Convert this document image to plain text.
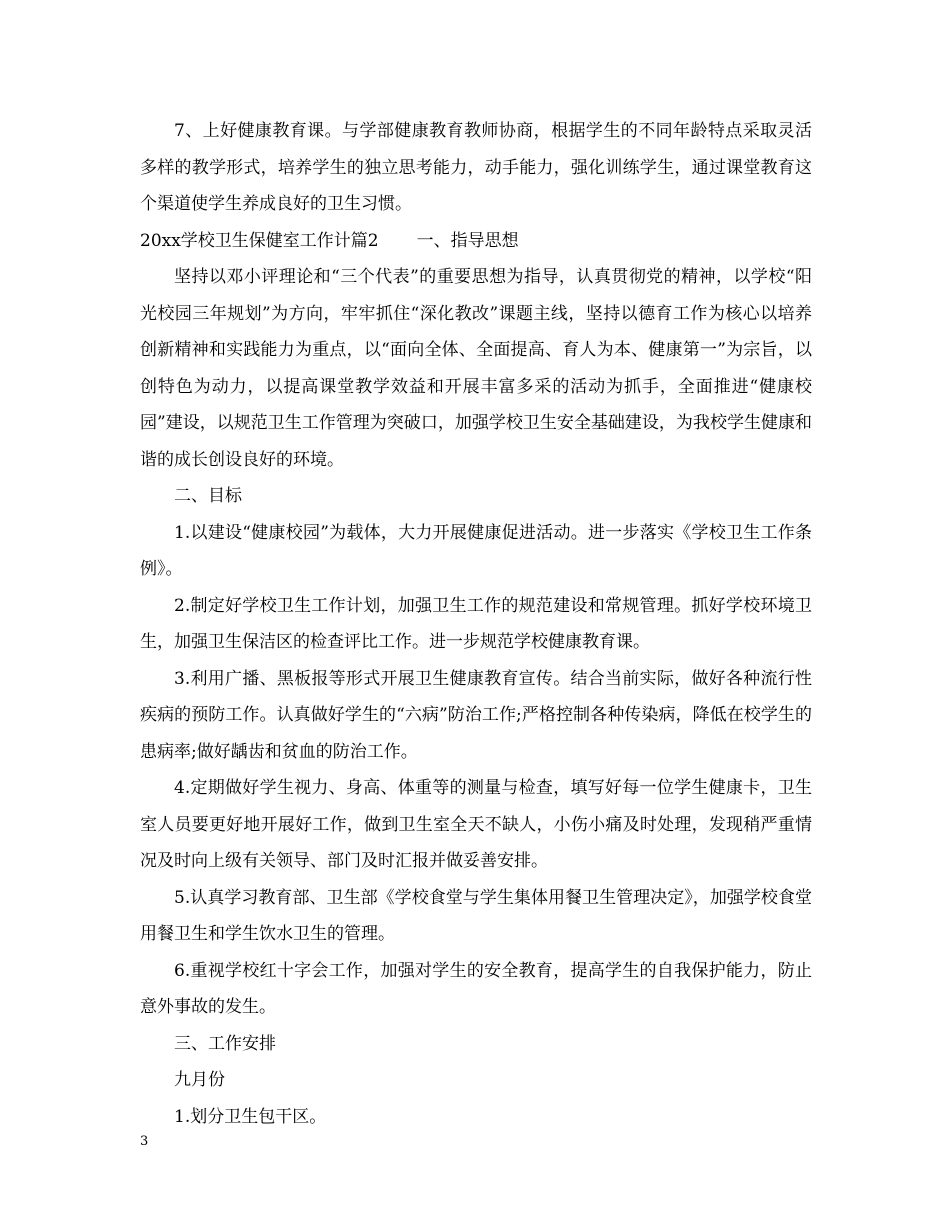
7、上好健康教育课。与学部健康教育教师协商，根据学生的不同年龄特点采取灵活多样的教学形式，培养学生的独立思考能力，动手能力，强化训练学生，通过课堂教育这个渠道使学生养成良好的卫生习惯。

20xx学校卫生保健室工作计篇2 一、指导思想

坚持以邓小评理论和“三个代表”的重要思想为指导，认真贯彻党的精神，以学校“阳光校园三年规划”为方向，牢牢抓住“深化教改”课题主线，坚持以德育工作为核心以培养创新精神和实践能力为重点，以“面向全体、全面提高、育人为本、健康第一”为宗旨，以创特色为动力，以提高课堂教学效益和开展丰富多采的活动为抓手，全面推进“健康校园”建设，以规范卫生工作管理为突破口，加强学校卫生安全基础建设，为我校学生健康和谐的成长创设良好的环境。

二、目标

1.以建设“健康校园”为载体，大力开展健康促进活动。进一步落实《学校卫生工作条例》。

2.制定好学校卫生工作计划，加强卫生工作的规范建设和常规管理。抓好学校环境卫生，加强卫生保洁区的检查评比工作。进一步规范学校健康教育课。

3.利用广播、黑板报等形式开展卫生健康教育宣传。结合当前实际，做好各种流行性疾病的预防工作。认真做好学生的“六病”防治工作;严格控制各种传染病，降低在校学生的患病率;做好龋齿和贫血的防治工作。

4.定期做好学生视力、身高、体重等的测量与检查，填写好每一位学生健康卡，卫生室人员要更好地开展好工作，做到卫生室全天不缺人，小伤小痛及时处理，发现稍严重情况及时向上级有关领导、部门及时汇报并做妥善安排。

5.认真学习教育部、卫生部《学校食堂与学生集体用餐卫生管理决定》，加强学校食堂用餐卫生和学生饮水卫生的管理。

6.重视学校红十字会工作，加强对学生的安全教育，提高学生的自我保护能力，防止意外事故的发生。

三、工作安排

九月份

1.划分卫生包干区。

3
